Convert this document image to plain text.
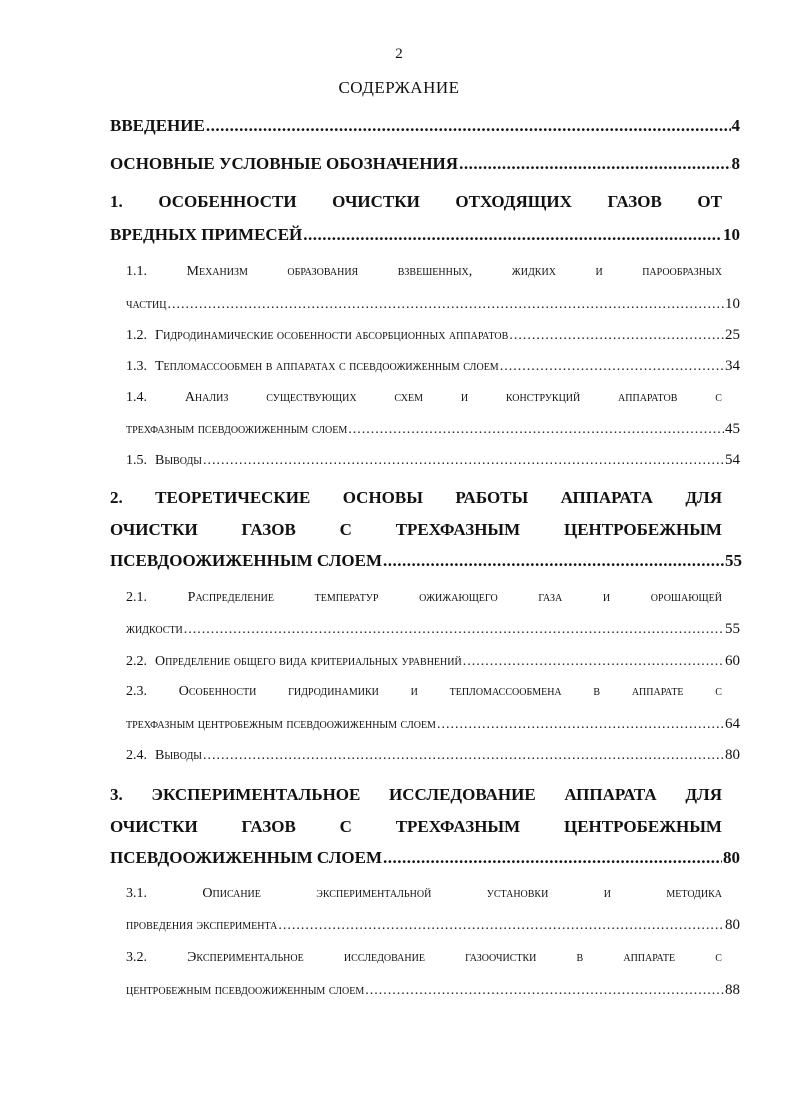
2
СОДЕРЖАНИЕ
ВВЕДЕНИЕ .....	4
ОСНОВНЫЕ УСЛОВНЫЕ ОБОЗНАЧЕНИЯ .....	8
1. ОСОБЕННОСТИ ОЧИСТКИ ОТХОДЯЩИХ ГАЗОВ ОТ
ВРЕДНЫХ ПРИМЕСЕЙ .....	10
1.1.	Механизм	образования	взвешенных,	жидких	и	парообразных
частиц .....	10
1.2. Гидродинамические особенности абсорбционных аппаратов .....	25
1.3. Тепломассообмен в аппаратах с псевдоожиженным слоем .....	34
1.4.	Анализ	существующих	схем	и	конструкций	аппаратов	с
трехфазным псевдоожиженным слоем .....	45
1.5. Выводы .....	54
2. ТЕОРЕТИЧЕСКИЕ ОСНОВЫ РАБОТЫ АППАРАТА ДЛЯ
ОЧИСТКИ	ГАЗОВ	С	ТРЕХФАЗНЫМ	ЦЕНТРОБЕЖНЫМ
ПСЕВДООЖИЖЕННЫМ СЛОЕМ .....	55
2.1.	Распределение	температур	ожижающего	газа	и	орошающей
жидкости .....	55
2.2. Определение общего вида критериальных уравнений .....	60
2.3. Особенности гидродинамики и тепломассообмена в аппарате с
трехфазным центробежным псевдоожиженным слоем .....	64
2.4. Выводы .....	80
3. ЭКСПЕРИМЕНТАЛЬНОЕ ИССЛЕДОВАНИЕ АППАРАТА ДЛЯ
ОЧИСТКИ	ГАЗОВ	С	ТРЕХФАЗНЫМ	ЦЕНТРОБЕЖНЫМ
ПСЕВДООЖИЖЕННЫМ СЛОЕМ .....	80
3.1.	Описание	экспериментальной	установки	и	методика
проведения эксперимента .....	80
3.2.	Экспериментальное	исследование	газоочистки	в	аппарате	с
центробежным псевдоожиженным слоем .....	88
